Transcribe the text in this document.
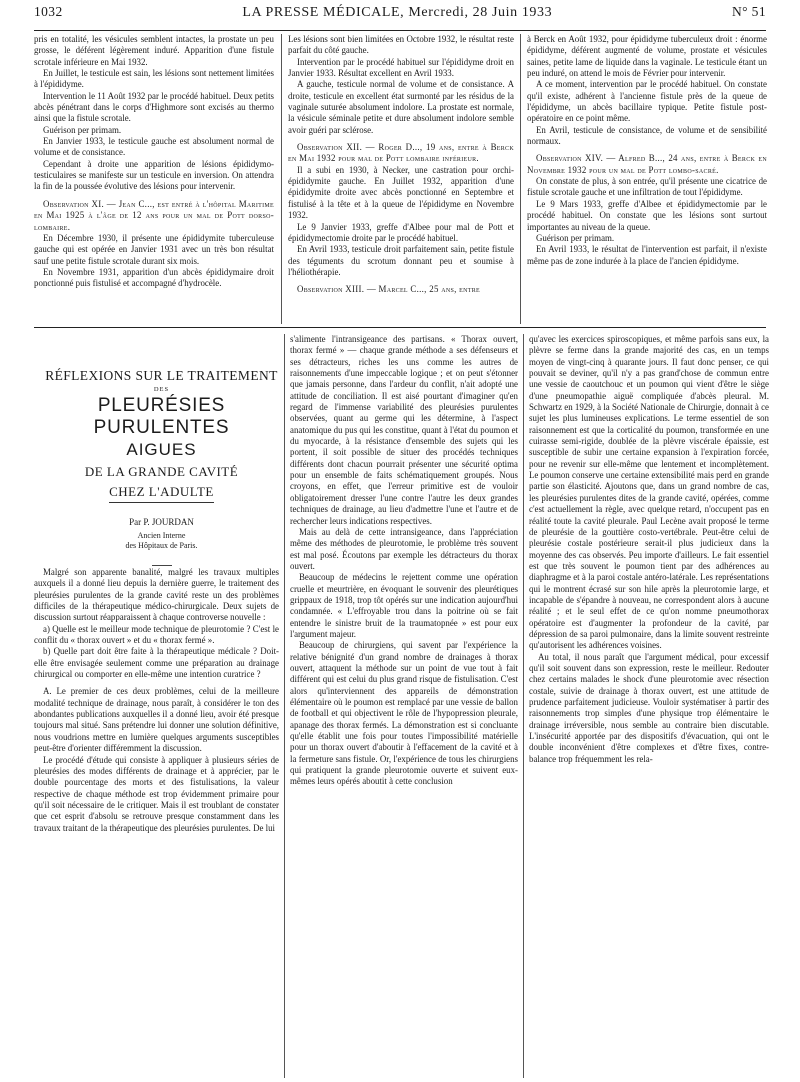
1032	LA PRESSE MÉDICALE, Mercredi, 28 Juin 1933	N° 51

pris en totalité, les vésicules semblent intactes, la prostate un peu grosse, le déférent légèrement induré. Apparition d'une fistule scrotale inférieure en Mai 1932.

En Juillet, le testicule est sain, les lésions sont nettement limitées à l'épididyme.

Intervention le 11 Août 1932 par le procédé habituel. Deux petits abcès pénétrant dans le corps d'Highmore sont excisés au thermo ainsi que la fistule scrotale.

Guérison per primam.

En Janvier 1933, le testicule gauche est absolument normal de volume et de consistance.

Cependant à droite une apparition de lésions épididymo-testiculaires se manifeste sur un testicule en inversion. On attendra la fin de la poussée évolutive des lésions pour intervenir.

Observation XI. — Jean C..., est entré à l'hôpital Maritime en Mai 1925 à l'âge de 12 ans pour un mal de Pott dorso-lombaire.

En Décembre 1930, il présente une épididymite tuberculeuse gauche qui est opérée en Janvier 1931 avec un très bon résultat sauf une petite fistule scrotale durant six mois.

En Novembre 1931, apparition d'un abcès épididymaire droit ponctionné puis fistulisé et accompagné d'hydrocèle.

Les lésions sont bien limitées en Octobre 1932, le résultat reste parfait du côté gauche.

Intervention par le procédé habituel sur l'épididyme droit en Janvier 1933. Résultat excellent en Avril 1933.

A gauche, testicule normal de volume et de consistance. A droite, testicule en excellent état surmonté par les résidus de la vaginale suturée absolument indolore. La prostate est normale, la vésicule séminale petite et dure absolument indolore semble avoir guéri par sclérose.

Observation XII. — Roger D..., 19 ans, entre à Berck en Mai 1932 pour mal de Pott lombaire inférieur.

Il a subi en 1930, à Necker, une castration pour orchi-épididymite gauche. En Juillet 1932, apparition d'une épididymite droite avec abcès ponctionné en Septembre et fistulisé à la tête et à la queue de l'épididyme en Novembre 1932.

Le 9 Janvier 1933, greffe d'Albee pour mal de Pott et épididymectomie droite par le procédé habituel.

En Avril 1933, testicule droit parfaitement sain, petite fistule des téguments du scrotum donnant peu et soumise à l'héliothérapie.

Observation XIII. — Marcel C..., 25 ans, entre

à Berck en Août 1932, pour épididyme tuberculeux droit : énorme épididyme, déférent augmenté de volume, prostate et vésicules saines, petite lame de liquide dans la vaginale. Le testicule étant un peu induré, on attend le mois de Février pour intervenir.

A ce moment, intervention par le procédé habituel. On constate qu'il existe, adhérent à l'ancienne fistule près de la queue de l'épididyme, un abcès bacillaire typique. Petite fistule post-opératoire en ce point même.

En Avril, testicule de consistance, de volume et de sensibilité normaux.

Observation XIV. — Alfred B..., 24 ans, entre à Berck en Novembre 1932 pour un mal de Pott lombo-sacré.

On constate de plus, à son entrée, qu'il présente une cicatrice de fistule scrotale gauche et une infiltration de tout l'épididyme.

Le 9 Mars 1933, greffe d'Albee et épididymectomie par le procédé habituel. On constate que les lésions sont surtout importantes au niveau de la queue.

Guérison per primam.

En Avril 1933, le résultat de l'intervention est parfait, il n'existe même pas de zone indurée à la place de l'ancien épididyme.

RÉFLEXIONS SUR LE TRAITEMENT
DES
PLEURÉSIES PURULENTES
AIGUES
DE LA GRANDE CAVITÉ
CHEZ L'ADULTE
Par P. JOURDAN
Ancien Interne
des Hôpitaux de Paris.

Malgré son apparente banalité, malgré les travaux multiples auxquels il a donné lieu depuis la dernière guerre, le traitement des pleurésies purulentes de la grande cavité reste un des problèmes difficiles de la thérapeutique médico-chirurgicale. Deux sujets de discussion surtout réapparaissent à chaque controverse nouvelle :

a) Quelle est le meilleur mode technique de pleurotomie ? C'est le conflit du « thorax ouvert » et du « thorax fermé ».

b) Quelle part doit être faite à la thérapeutique médicale ? Doit-elle être envisagée seulement comme une préparation au drainage chirurgical ou comporter en elle-même une intention curatrice ?

A. Le premier de ces deux problèmes, celui de la meilleure modalité technique de drainage, nous paraît, à considérer le ton des abondantes publications auxquelles il a donné lieu, avoir été presque toujours mal situé. Sans prétendre lui donner une solution définitive, nous voudrions mettre en lumière quelques arguments susceptibles peut-être d'orienter différemment la discussion.

Le procédé d'étude qui consiste à appliquer à plusieurs séries de pleurésies des modes différents de drainage et à apprécier, par le double pourcentage des morts et des fistulisations, la valeur respective de chaque méthode est trop évidemment primaire pour qu'il soit nécessaire de le critiquer. Mais il est troublant de constater que cet esprit d'absolu se retrouve presque constamment dans les travaux traitant de la thérapeutique des pleurésies purulentes. De lui

s'alimente l'intransigeance des partisans. « Thorax ouvert, thorax fermé » — chaque grande méthode a ses défenseurs et ses détracteurs, riches les uns comme les autres de raisonnements d'une impeccable logique ; et on peut s'étonner que jamais personne, dans l'ardeur du conflit, n'ait adopté une attitude de conciliation. Il est aisé pourtant d'imaginer qu'en regard de l'immense variabilité des pleurésies purulentes observées, quant au germe qui les détermine, à l'aspect anatomique du pus qui les constitue, quant à l'état du poumon et du myocarde, à la résistance d'ensemble des sujets qui les portent, il soit possible de situer des procédés techniques différents dont chacun pourrait présenter une sécurité optima pour un ensemble de faits schématiquement groupés. Nous croyons, en effet, que l'erreur primitive est de vouloir obligatoirement dresser l'une contre l'autre les deux grandes techniques de drainage, au lieu d'admettre l'une et l'autre et de rechercher leurs indications respectives.

Mais au delà de cette intransigeance, dans l'appréciation même des méthodes de pleurotomie, le problème très souvent est mal posé. Écoutons par exemple les détracteurs du thorax ouvert.

Beaucoup de médecins le rejettent comme une opération cruelle et meurtrière, en évoquant le souvenir des pleurétiques grippaux de 1918, trop tôt opérés sur une indication aujourd'hui condamnée. « L'effroyable trou dans la poitrine où se fait entendre le sinistre bruit de la traumatopnée » est pour eux l'argument majeur.

Beaucoup de chirurgiens, qui savent par l'expérience la relative bénignité d'un grand nombre de drainages à thorax ouvert, attaquent la méthode sur un point de vue tout à fait différent qui est celui du plus grand risque de fistulisation. C'est alors qu'interviennent des appareils de démonstration élémentaire où le poumon est remplacé par une vessie de ballon de football et qui objectivent le rôle de l'hypopression pleurale, apanage des thorax fermés. La démonstration est si concluante qu'elle établit une fois pour toutes l'impossibilité matérielle pour un thorax ouvert d'aboutir à l'effacement de la cavité et à la fermeture sans fistule. Or, l'expérience de tous les chirurgiens qui pratiquent la grande pleurotomie ouverte et suivent eux-mêmes leurs opérés aboutit à cette conclusion

qu'avec les exercices spiroscopiques, et même parfois sans eux, la plèvre se ferme dans la grande majorité des cas, en un temps moyen de vingt-cinq à quarante jours. Il faut donc penser, ce qui pouvait se deviner, qu'il n'y a pas grand'chose de commun entre une vessie de caoutchouc et un poumon qui vient d'être le siège d'une pneumopathie aiguë compliquée d'abcès pleural. M. Schwartz en 1929, à la Société Nationale de Chirurgie, donnait à ce sujet les plus lumineuses explications. Le terme essentiel de son raisonnement est que la corticalité du poumon, transformée en une cuirasse semi-rigide, doublée de la plèvre viscérale épaissie, est susceptible de subir une certaine expansion à l'expiration forcée, pour ne revenir sur elle-même que lentement et incomplètement. Le poumon conserve une certaine extensibilité mais perd en grande partie son élasticité. Ajoutons que, dans un grand nombre de cas, les pleurésies purulentes dites de la grande cavité, opérées, comme c'est actuellement la règle, avec quelque retard, n'occupent pas en réalité toute la cavité pleurale. Paul Lecène avait proposé le terme de pleurésie de la gouttière costo-vertébrale. Peut-être celui de pleurésie costale postérieure serait-il plus judicieux dans la moyenne des cas observés. Peu importe d'ailleurs. Le fait essentiel est que très souvent le poumon tient par des adhérences au diaphragme et à la paroi costale antéro-latérale. Les représentations qui le montrent écrasé sur son hile après la pleurotomie large, et incapable de s'épandre à nouveau, ne correspondent alors à aucune réalité ; et le seul effet de ce qu'on nomme pneumothorax opératoire est d'augmenter la profondeur de la cavité, par dépression de sa paroi pulmonaire, dans la limite souvent restreinte qu'autorisent les adhérences voisines.

Au total, il nous paraît que l'argument médical, pour excessif qu'il soit souvent dans son expression, reste le meilleur. Redouter chez certains malades le shock d'une pleurotomie avec résection costale, suivie de drainage à thorax ouvert, est une attitude de prudence parfaitement judicieuse. Vouloir systématiser à partir des raisonnements trop simples d'une physique trop élémentaire le drainage irréversible, nous semble au contraire bien discutable. L'insécurité apportée par des dispositifs d'évacuation, qui ont le double inconvénient d'être complexes et d'être fixes, contre-balance trop fréquemment les rela-
